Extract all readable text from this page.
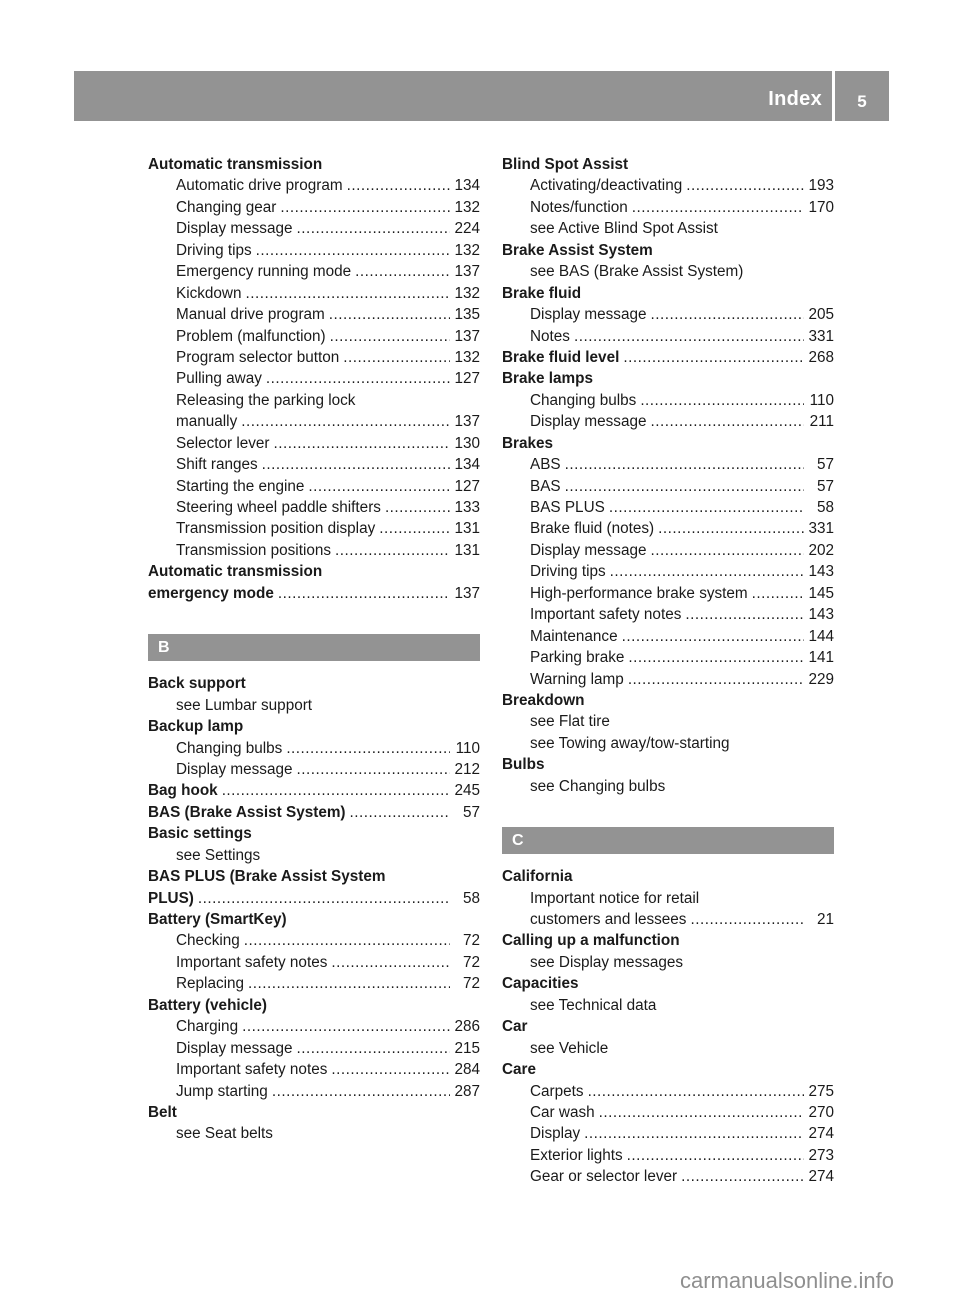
Index	5
Automatic transmission
Automatic drive program .....	134
Changing gear .....	132
Display message .....	224
Driving tips .....	132
Emergency running mode .....	137
Kickdown .....	132
Manual drive program .....	135
Problem (malfunction) .....	137
Program selector button .....	132
Pulling away .....	127
Releasing the parking lock
manually .....	137
Selector lever .....	130
Shift ranges .....	134
Starting the engine .....	127
Steering wheel paddle shifters .....	133
Transmission position display .....	131
Transmission positions .....	131
Automatic transmission
emergency mode .....	137
B
Back support
see Lumbar support
Backup lamp
Changing bulbs .....	110
Display message .....	212
Bag hook .....	245
BAS (Brake Assist System) .....	57
Basic settings
see Settings
BAS PLUS (Brake Assist System
PLUS) .....	58
Battery (SmartKey)
Checking .....	72
Important safety notes .....	72
Replacing .....	72
Battery (vehicle)
Charging .....	286
Display message .....	215
Important safety notes .....	284
Jump starting .....	287
Belt
see Seat belts
Blind Spot Assist
Activating/deactivating .....	193
Notes/function .....	170
see Active Blind Spot Assist
Brake Assist System
see BAS (Brake Assist System)
Brake fluid
Display message .....	205
Notes .....	331
Brake fluid level .....	268
Brake lamps
Changing bulbs .....	110
Display message .....	211
Brakes
ABS .....	57
BAS .....	57
BAS PLUS .....	58
Brake fluid (notes) .....	331
Display message .....	202
Driving tips .....	143
High-performance brake system .....	145
Important safety notes .....	143
Maintenance .....	144
Parking brake .....	141
Warning lamp .....	229
Breakdown
see Flat tire
see Towing away/tow-starting
Bulbs
see Changing bulbs
C
California
Important notice for retail
customers and lessees .....	21
Calling up a malfunction
see Display messages
Capacities
see Technical data
Car
see Vehicle
Care
Carpets .....	275
Car wash .....	270
Display .....	274
Exterior lights .....	273
Gear or selector lever .....	274
carmanualsonline.info
